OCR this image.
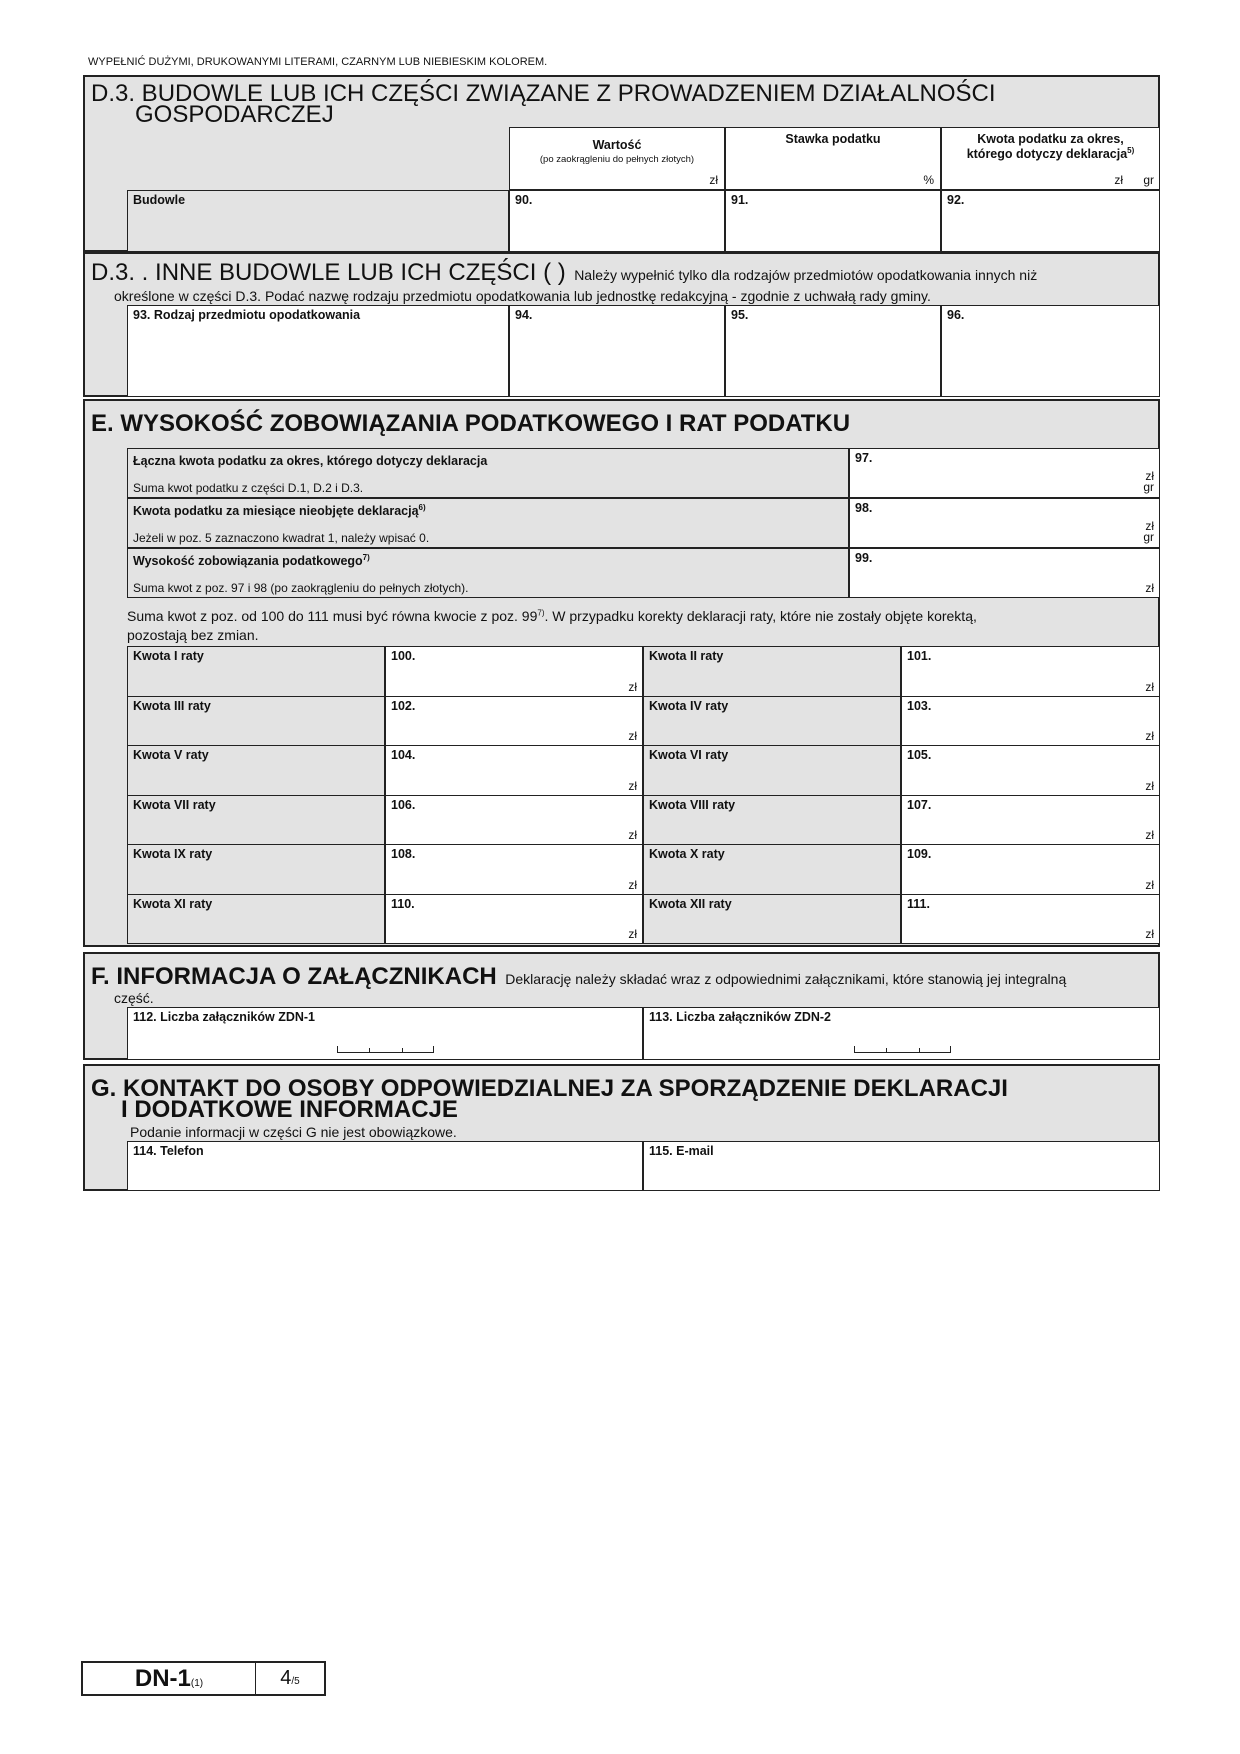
WYPEŁNIĆ DUŻYMI, DRUKOWANYMI LITERAMI, CZARNYM LUB NIEBIESKIM KOLOREM.
D.3. BUDOWLE LUB ICH CZĘŚCI ZWIĄZANE Z PROWADZENIEM DZIAŁALNOŚCI
GOSPODARCZEJ
Wartość
(po zaokrągleniu do pełnych złotych)
zł
Stawka podatku
%
Kwota podatku za okres,
którego dotyczy deklaracja$^{5)}$
zł gr
Budowle	90.	91.	92.
D.3. . INNE BUDOWLE LUB ICH CZĘŚCI ( ) Należy wypełnić tylko dla rodzajów przedmiotów opodatkowania innych niż
określone w części D.3. Podać nazwę rodzaju przedmiotu opodatkowania lub jednostkę redakcyjną - zgodnie z uchwałą rady gminy.
93. Rodzaj przedmiotu opodatkowania	94.	95.	96.
E. WYSOKOŚĆ ZOBOWIĄZANIA PODATKOWEGO I RAT PODATKU
Łączna kwota podatku za okres, którego dotyczy deklaracja
Suma kwot podatku z części D.1, D.2 i D.3.
97.
zł
gr
Kwota podatku za miesiące nieobjęte deklaracją$^{6)}$
Jeżeli w poz. 5 zaznaczono kwadrat 1, należy wpisać 0.
98.
zł
gr
Wysokość zobowiązania podatkowego$^{7)}$
Suma kwot z poz. 97 i 98 (po zaokrągleniu do pełnych złotych).
99.
zł
Suma kwot z poz. od 100 do 111 musi być równa kwocie z poz. 99$^{7)}$. W przypadku korekty deklaracji raty, które nie zostały objęte korektą,
pozostają bez zmian.
Kwota I raty	100.
zł
Kwota II raty	101.
zł
Kwota III raty	102.
zł
Kwota IV raty	103.
zł
Kwota V raty	104.
zł
Kwota VI raty	105.
zł
Kwota VII raty	106.
zł
Kwota VIII raty	107.
zł
Kwota IX raty	108.
zł
Kwota X raty	109.
zł
Kwota XI raty	110.
zł
Kwota XII raty	111.
zł
F. INFORMACJA O ZAŁĄCZNIKACH Deklarację należy składać wraz z odpowiednimi załącznikami, które stanowią jej integralną
część.
112. Liczba załączników ZDN-1	113. Liczba załączników ZDN-2
G. KONTAKT DO OSOBY ODPOWIEDZIALNEJ ZA SPORZĄDZENIE DEKLARACJI
I DODATKOWE INFORMACJE
Podanie informacji w części G nie jest obowiązkowe.
114. Telefon	115. E-mail
DN-1(1)	4/5
